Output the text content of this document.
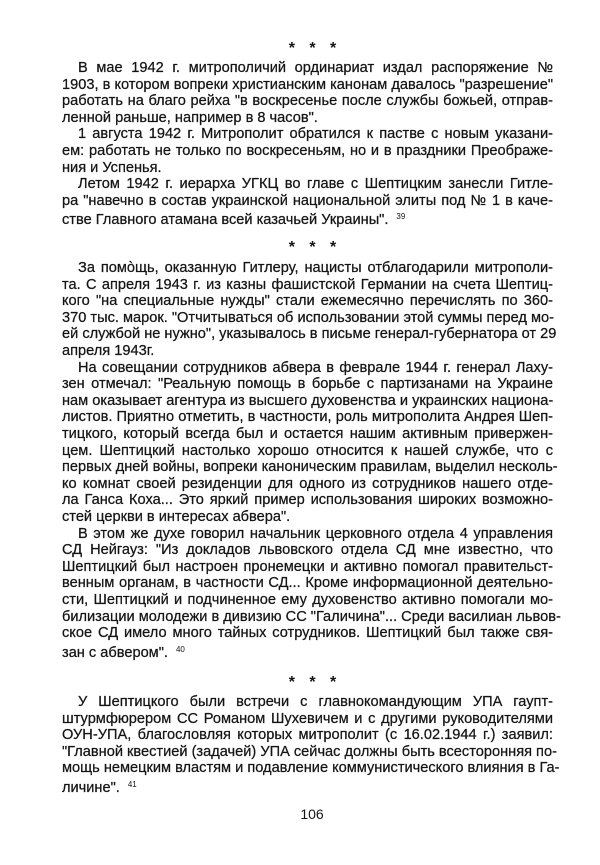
* * *
В мае 1942 г. митрополичий ординариат издал распоряжение №
1903, в котором вопреки христианским канонам давалось "разрешение"
работать на благо рейха "в воскресенье после службы божьей, отправ-
ленной раньше, например в 8 часов".
1 августа 1942 г. Митрополит обратился к пастве с новым указани-
ем: работать не только по воскресеньям, но и в праздники Преображе-
ния и Успенья.
Летом 1942 г. иерарха УГКЦ во главе с Шептицким занесли Гитле-
ра "навечно в состав украинской национальной элиты под № 1 в каче-
стве Главного атамана всей казачьей Украины". $^{39}$
* * *
За помòщь, оказанную Гитлеру, нацисты отблагодарили митрополи-
та. С апреля 1943 г. из казны фашистской Германии на счета Шептиц-
кого "на специальные нужды" стали ежемесячно перечислять по 360-
370 тыс. марок. "Отчитываться об использовании этой суммы перед мо-
ей службой не нужно", указывалось в письме генерал-губернатора от 29
апреля 1943г.
На совещании сотрудников абвера в феврале 1944 г. генерал Лаху-
зен отмечал: "Реальную помощь в борьбе с партизанами на Украине
нам оказывает агентура из высшего духовенства и украинских национа-
листов. Приятно отметить, в частности, роль митрополита Андрея Шеп-
тицкого, который всегда был и остается нашим активным привержен-
цем. Шептицкий настолько хорошо относится к нашей службе, что с
первых дней войны, вопреки каноническим правилам, выделил несколь-
ко комнат своей резиденции для одного из сотрудников нашего отде-
ла Ганса Коха... Это яркий пример использования широких возможно-
стей церкви в интересах абвера".
В этом же духе говорил начальник церковного отдела 4 управления
СД Нейгауз: "Из докладов львовского отдела СД мне известно, что
Шептицкий был настроен пронемецки и активно помогал правительст-
венным органам, в частности СД... Кроме информационной деятельно-
сти, Шептицкий и подчиненное ему духовенство активно помогали мо-
билизации молодежи в дивизию СС "Галичина"... Среди василиан львов-
ское СД имело много тайных сотрудников. Шептицкий был также свя-
зан с абвером". $^{40}$
* * *
У Шептицкого были встречи с главнокомандующим УПА гаупт-
штурмфюрером СС Романом Шухевичем и с другими руководителями
ОУН-УПА, благословляя которых митрополит (с 16.02.1944 г.) заявил:
"Главной квестией (задачей) УПА сейчас должны быть всесторонняя по-
мощь немецким властям и подавление коммунистического влияния в Га-
личине". $^{41}$
106
